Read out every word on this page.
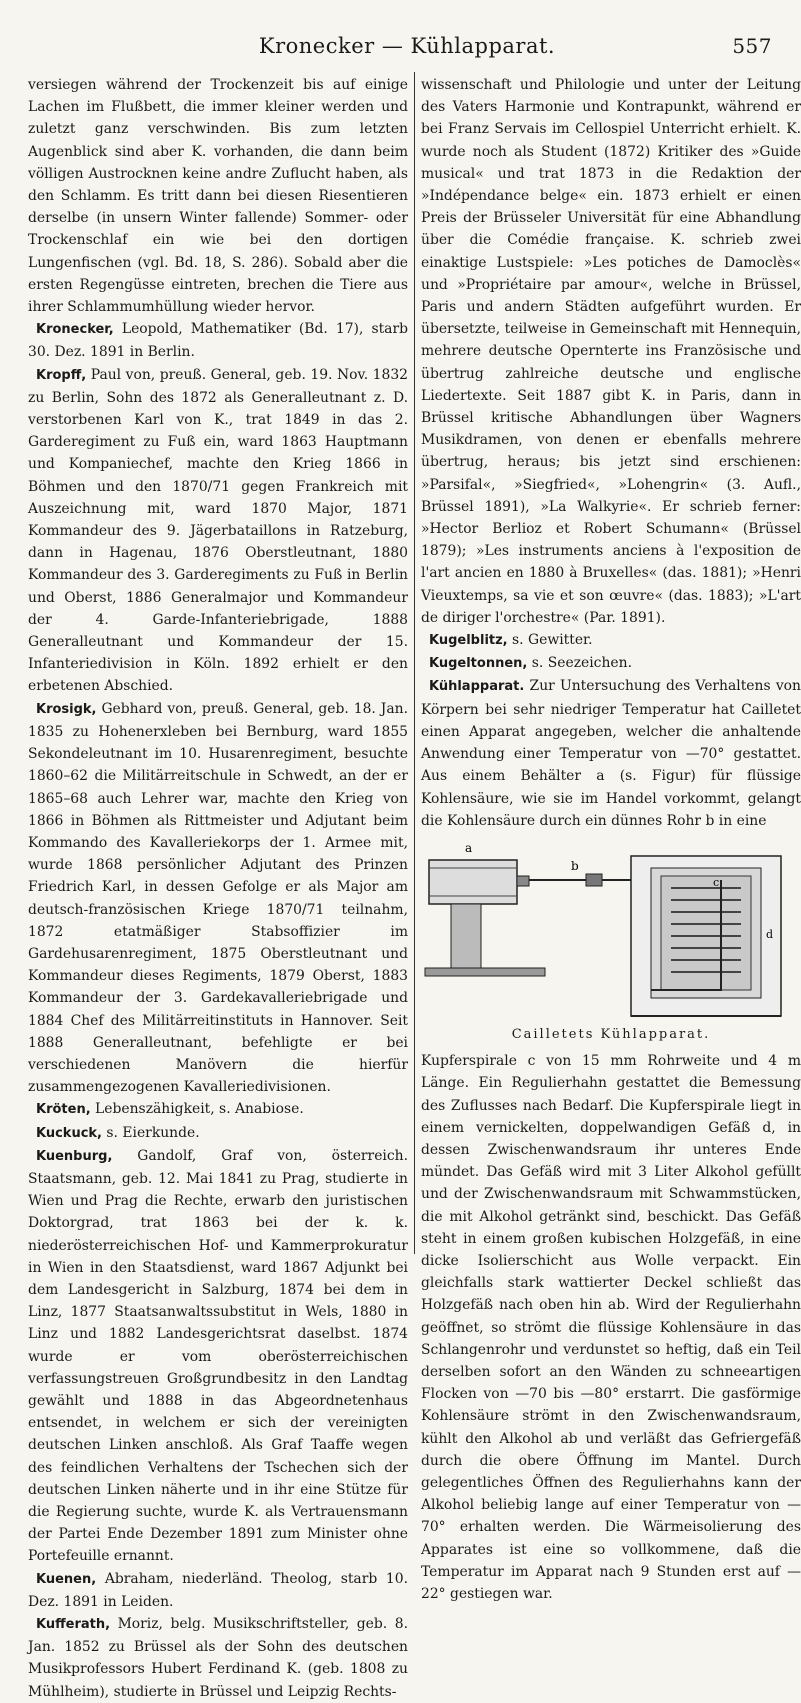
Kronecker — Kühlapparat.	557

versiegen während der Trockenzeit bis auf einige Lachen im Flußbett, die immer kleiner werden und zuletzt ganz verschwinden. Bis zum letzten Augenblick sind aber K. vorhanden, die dann beim völligen Austrocknen keine andre Zuflucht haben, als den Schlamm. Es tritt dann bei diesen Riesentieren derselbe (in unsern Winter fallende) Sommer- oder Trockenschlaf ein wie bei den dortigen Lungenfischen (vgl. Bd. 18, S. 286). Sobald aber die ersten Regengüsse eintreten, brechen die Tiere aus ihrer Schlammumhüllung wieder hervor.

Kronecker, Leopold, Mathematiker (Bd. 17), starb 30. Dez. 1891 in Berlin.

Kropff, Paul von, preuß. General, geb. 19. Nov. 1832 zu Berlin, Sohn des 1872 als Generalleutnant z. D. verstorbenen Karl von K., trat 1849 in das 2. Garderegiment zu Fuß ein, ward 1863 Hauptmann und Kompaniechef, machte den Krieg 1866 in Böhmen und den 1870/71 gegen Frankreich mit Auszeichnung mit, ward 1870 Major, 1871 Kommandeur des 9. Jägerbataillons in Ratzeburg, dann in Hagenau, 1876 Oberstleutnant, 1880 Kommandeur des 3. Garderegiments zu Fuß in Berlin und Oberst, 1886 Generalmajor und Kommandeur der 4. Garde-Infanteriebrigade, 1888 Generalleutnant und Kommandeur der 15. Infanteriedivision in Köln. 1892 erhielt er den erbetenen Abschied.

Krosigk, Gebhard von, preuß. General, geb. 18. Jan. 1835 zu Hohenerxleben bei Bernburg, ward 1855 Sekondeleutnant im 10. Husarenregiment, besuchte 1860–62 die Militärreitschule in Schwedt, an der er 1865–68 auch Lehrer war, machte den Krieg von 1866 in Böhmen als Rittmeister und Adjutant beim Kommando des Kavalleriekorps der 1. Armee mit, wurde 1868 persönlicher Adjutant des Prinzen Friedrich Karl, in dessen Gefolge er als Major am deutsch-französischen Kriege 1870/71 teilnahm, 1872 etatmäßiger Stabsoffizier im Gardehusarenregiment, 1875 Oberstleutnant und Kommandeur dieses Regiments, 1879 Oberst, 1883 Kommandeur der 3. Gardekavalleriebrigade und 1884 Chef des Militärreitinstituts in Hannover. Seit 1888 Generalleutnant, befehligte er bei verschiedenen Manövern die hierfür zusammengezogenen Kavalleriedivisionen.

Kröten, Lebenszähigkeit, s. Anabiose.

Kuckuck, s. Eierkunde.

Kuenburg, Gandolf, Graf von, österreich. Staatsmann, geb. 12. Mai 1841 zu Prag, studierte in Wien und Prag die Rechte, erwarb den juristischen Doktorgrad, trat 1863 bei der k. k. niederösterreichischen Hof- und Kammerprokuratur in Wien in den Staatsdienst, ward 1867 Adjunkt bei dem Landesgericht in Salzburg, 1874 bei dem in Linz, 1877 Staatsanwaltssubstitut in Wels, 1880 in Linz und 1882 Landesgerichtsrat daselbst. 1874 wurde er vom oberösterreichischen verfassungstreuen Großgrundbesitz in den Landtag gewählt und 1888 in das Abgeordnetenhaus entsendet, in welchem er sich der vereinigten deutschen Linken anschloß. Als Graf Taaffe wegen des feindlichen Verhaltens der Tschechen sich der deutschen Linken näherte und in ihr eine Stütze für die Regierung suchte, wurde K. als Vertrauensmann der Partei Ende Dezember 1891 zum Minister ohne Portefeuille ernannt.

Kuenen, Abraham, niederländ. Theolog, starb 10. Dez. 1891 in Leiden.

Kufferath, Moriz, belg. Musikschriftsteller, geb. 8. Jan. 1852 zu Brüssel als der Sohn des deutschen Musikprofessors Hubert Ferdinand K. (geb. 1808 zu Mühlheim), studierte in Brüssel und Leipzig Rechts-

wissenschaft und Philologie und unter der Leitung des Vaters Harmonie und Kontrapunkt, während er bei Franz Servais im Cellospiel Unterricht erhielt. K. wurde noch als Student (1872) Kritiker des »Guide musical« und trat 1873 in die Redaktion der »Indépendance belge« ein. 1873 erhielt er einen Preis der Brüsseler Universität für eine Abhandlung über die Comédie française. K. schrieb zwei einaktige Lustspiele: »Les potiches de Damoclès« und »Propriétaire par amour«, welche in Brüssel, Paris und andern Städten aufgeführt wurden. Er übersetzte, teilweise in Gemeinschaft mit Hennequin, mehrere deutsche Opernterte ins Französische und übertrug zahlreiche deutsche und englische Liedertexte. Seit 1887 gibt K. in Paris, dann in Brüssel kritische Abhandlungen über Wagners Musikdramen, von denen er ebenfalls mehrere übertrug, heraus; bis jetzt sind erschienen: »Parsifal«, »Siegfried«, »Lohengrin« (3. Aufl., Brüssel 1891), »La Walkyrie«. Er schrieb ferner: »Hector Berlioz et Robert Schumann« (Brüssel 1879); »Les instruments anciens à l'exposition de l'art ancien en 1880 à Bruxelles« (das. 1881); »Henri Vieuxtemps, sa vie et son œuvre« (das. 1883); »L'art de diriger l'orchestre« (Par. 1891).

Kugelblitz, s. Gewitter.

Kugeltonnen, s. Seezeichen.

Kühlapparat. Zur Untersuchung des Verhaltens von Körpern bei sehr niedriger Temperatur hat Cailletet einen Apparat angegeben, welcher die anhaltende Anwendung einer Temperatur von —70° gestattet. Aus einem Behälter a (s. Figur) für flüssige Kohlensäure, wie sie im Handel vorkommt, gelangt die Kohlensäure durch ein dünnes Rohr b in eine

a
b
c
d
Cailletets Kühlapparat.

Kupferspirale c von 15 mm Rohrweite und 4 m Länge. Ein Regulierhahn gestattet die Bemessung des Zuflusses nach Bedarf. Die Kupferspirale liegt in einem vernickelten, doppelwandigen Gefäß d, in dessen Zwischenwandsraum ihr unteres Ende mündet. Das Gefäß wird mit 3 Liter Alkohol gefüllt und der Zwischenwandsraum mit Schwammstücken, die mit Alkohol getränkt sind, beschickt. Das Gefäß steht in einem großen kubischen Holzgefäß, in eine dicke Isolierschicht aus Wolle verpackt. Ein gleichfalls stark wattierter Deckel schließt das Holzgefäß nach oben hin ab. Wird der Regulierhahn geöffnet, so strömt die flüssige Kohlensäure in das Schlangenrohr und verdunstet so heftig, daß ein Teil derselben sofort an den Wänden zu schneeartigen Flocken von —70 bis —80° erstarrt. Die gasförmige Kohlensäure strömt in den Zwischenwandsraum, kühlt den Alkohol ab und verläßt das Gefriergefäß durch die obere Öffnung im Mantel. Durch gelegentliches Öffnen des Regulierhahns kann der Alkohol beliebig lange auf einer Temperatur von —70° erhalten werden. Die Wärmeisolierung des Apparates ist eine so vollkommene, daß die Temperatur im Apparat nach 9 Stunden erst auf —22° gestiegen war.
